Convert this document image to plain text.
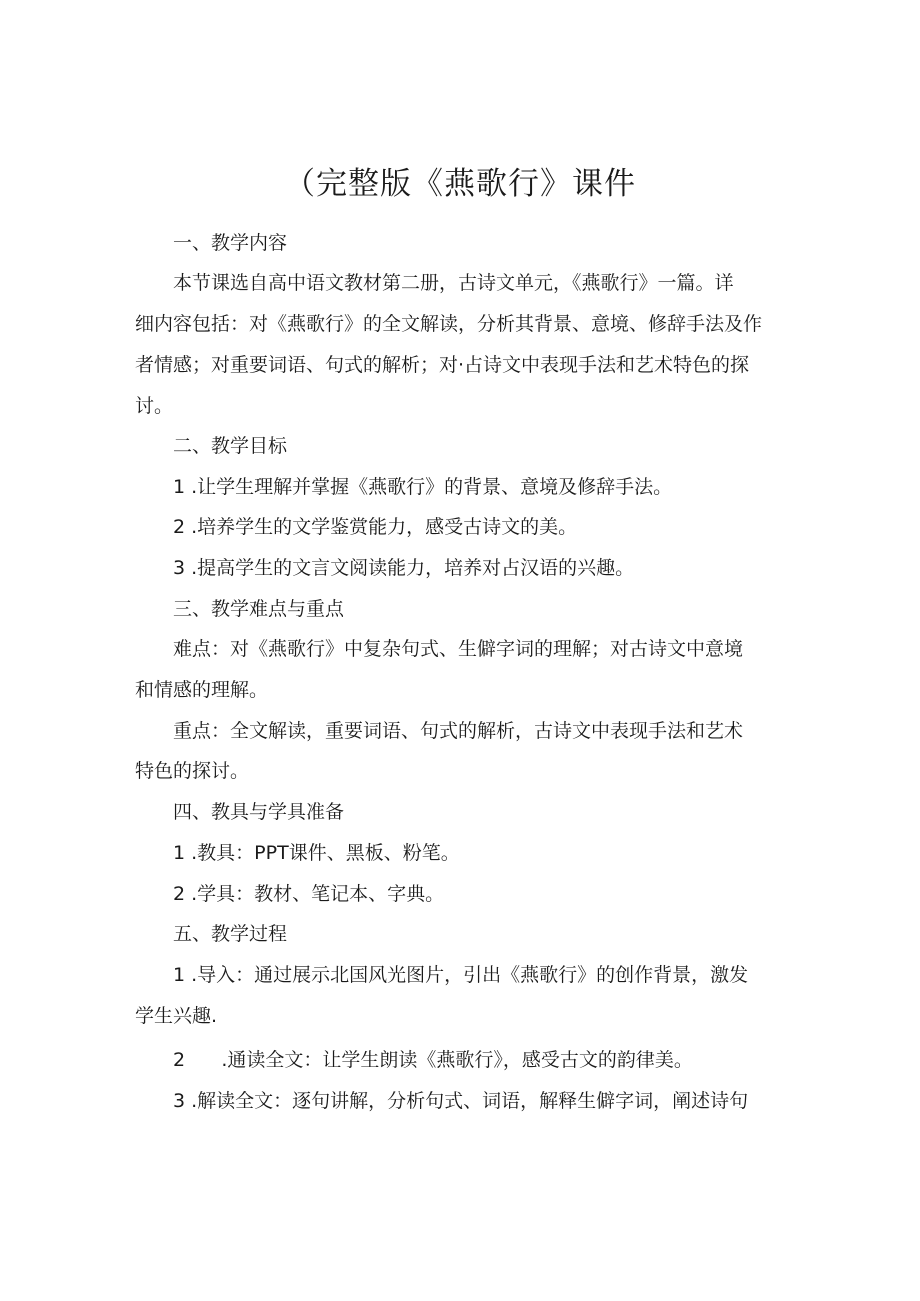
（完整版《燕歌行》课件
一、教学内容
本节课选自高中语文教材第二册，古诗文单元，《燕歌行》一篇。详
细内容包括：对《燕歌行》的全文解读，分析其背景、意境、修辞手法及作
者情感；对重要词语、句式的解析；对·占诗文中表现手法和艺术特色的探
讨。
二、教学目标
1 .让学生理解并掌握《燕歌行》的背景、意境及修辞手法。
2 .培养学生的文学鉴赏能力，感受古诗文的美。
3 .提高学生的文言文阅读能力，培养对占汉语的兴趣。
三、教学难点与重点
难点：对《燕歌行》中复杂句式、生僻字词的理解；对古诗文中意境
和情感的理解。
重点：全文解读，重要词语、句式的解析，古诗文中表现手法和艺术
特色的探讨。
四、教具与学具准备
1 .教具：PPT课件、黑板、粉笔。
2 .学具：教材、笔记本、字典。
五、教学过程
1 .导入：通过展示北国风光图片，引出《燕歌行》的创作背景，激发
学生兴趣.
2      .通读全文：让学生朗读《燕歌行》，感受古文的韵律美。
3 .解读全文：逐句讲解，分析句式、词语，解释生僻字词，阐述诗句
